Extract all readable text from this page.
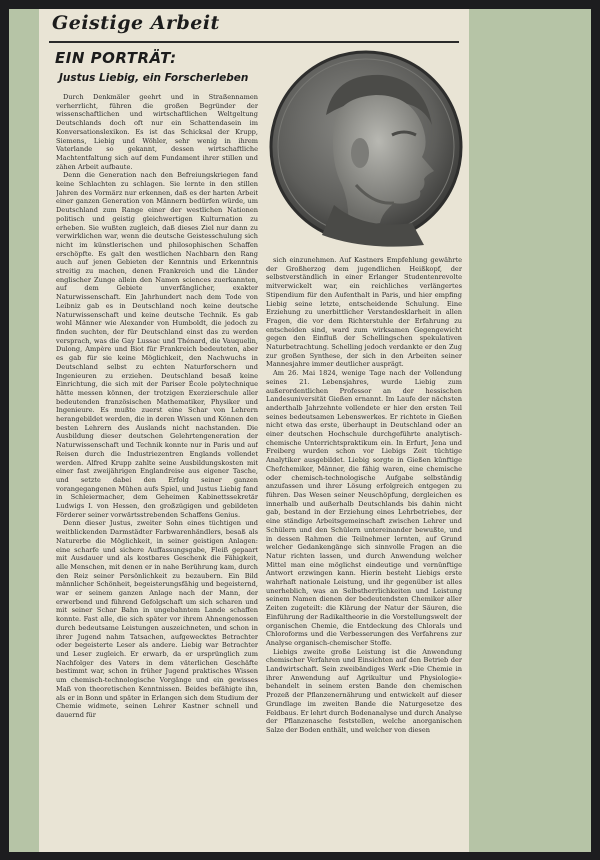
Geistige Arbeit
EIN PORTRÄT:
Justus Liebig, ein Forscherleben

Durch Denkmäler geehrt und in Straßennamen verherrlicht, führen die großen Begründer der wissenschaftlichen und wirtschaftlichen Weltgeltung Deutschlands doch oft nur ein Schattendasein im Konversationslexikon. Es ist das Schicksal der Krupp, Siemens, Liebig und Wöhler, sehr wenig in ihrem Vaterlande so gekannt, dessen wirtschaftliche Machtentfaltung sich auf dem Fundament ihrer stillen und zähen Arbeit aufbaute.

Denn die Generation nach den Befreiungskriegen fand keine Schlachten zu schlagen. Sie lernte in den stillen Jahren des Vormärz nur erkennen, daß es der harten Arbeit einer ganzen Generation von Männern bedürfen würde, um Deutschland zum Range einer der westlichen Nationen politisch und geistig gleichwertigen Kulturnation zu erheben. Sie wußten zugleich, daß dieses Ziel nur dann zu verwirklichen war, wenn die deutsche Geistesschulung sich nicht im künstlerischen und philosophischen Schaffen erschöpfte. Es galt den westlichen Nachbarn den Rang auch auf jenen Gebieten der Kenntnis und Erkenntnis streitig zu machen, denen Frankreich und die Länder englischer Zunge allein den Namen sciences zuerkannten, auf dem Gebiete unverfänglicher, exakter Naturwissenschaft. Ein Jahrhundert nach dem Tode von Leibniz gab es in Deutschland noch keine deutsche Naturwissenschaft und keine deutsche Technik. Es gab wohl Männer wie Alexander von Humboldt, die jedoch zu finden suchten, der für Deutschland einst das zu werden versprach, was die Gay Lussac und Thénard, die Vauquelin, Dulong, Ampère und Biot für Frankreich bedeuteten, aber es gab für sie keine Möglichkeit, den Nachwuchs in Deutschland selbst zu echten Naturforschern und Ingenieuren zu erziehen. Deutschland besaß keine Einrichtung, die sich mit der Pariser École polytechnique hätte messen können, der trotzigen Exerzierschule aller bedeutenden französischen Mathematiker, Physiker und Ingenieure. Es mußte zuerst eine Schar von Lehrern herangebildet werden, die in deren Wissen und Können den besten Lehrern des Auslands nicht nachstanden. Die Ausbildung dieser deutschen Gelehrtengeneration der Naturwissenschaft und Technik konnte nur in Paris und auf Reisen durch die Industriezentren Englands vollendet werden. Alfred Krupp zahlte seine Ausbildungskosten mit einer fast zweijährigen Englandreise aus eigener Tasche, und setzte dabei den Erfolg seiner ganzen vorangegangenen Mühen aufs Spiel, und Justus Liebig fand in Schleiermacher, dem Geheimen Kabinettssekretär Ludwigs I. von Hessen, den großzügigen und gebildeten Förderer seiner vorwärtsstrebenden Schaffens Genius.

Denn dieser Justus, zweiter Sohn eines tüchtigen und weitblickenden Darmstädter Farbwarenhändlers, besaß als Naturerbe die Möglichkeit, in seiner geistigen Anlagen: eine scharfe und sichere Auffassungsgabe, Fleiß gepaart mit Ausdauer und als kostbares Geschenk die Fähigkeit, alle Menschen, mit denen er in nahe Berührung kam, durch den Reiz seiner Persönlichkeit zu bezaubern. Ein Bild männlicher Schönheit, begeisterungsfähig und begeisternd, war er seinem ganzen Anlage nach der Mann, der erwerbend und führend Gefolgschaft um sich scharen und mit seiner Schar Bahn in ungebahntem Lande schaffen konnte. Fast alle, die sich später vor ihrem Ahnengenossen durch bedeutsame Leistungen auszeichneten, und schon in ihrer Jugend nahm Tatsachen, aufgewecktes Betrachter oder begeisterte Leser als andere. Liebig war Betrachter und Leser zugleich. Er erwarb, da er ursprünglich zum Nachfolger des Vaters in dem väterlichen Geschäfte bestimmt war, schon in früher Jugend praktisches Wissen um chemisch-technologische Vorgänge und ein gewisses Maß von theoretischen Kenntnissen. Beides befähigte ihn, als er in Bonn und später in Erlangen sich dem Studium der Chemie widmete, seinen Lehrer Kastner schnell und dauernd für

sich einzunehmen. Auf Kastners Empfehlung gewährte der Großherzog dem jugendlichen Heißkopf, der selbstverständlich in einer Erlanger Studentenrevolte mitverwickelt war, ein reichliches verlängertes Stipendium für den Aufenthalt in Paris, und hier empfing Liebig seine letzte, entscheidende Schulung. Eine Erziehung zu unerbittlicher Verstandesklarheit in allen Fragen, die vor dem Richterstuhle der Erfahrung zu entscheiden sind, ward zum wirksamen Gegengewicht gegen den Einfluß der Schellingschen spekulativen Naturbetrachtung. Schelling jedoch verdankte er den Zug zur großen Synthese, der sich in den Arbeiten seiner Mannesjahre immer deutlicher ausprägt.

Am 26. Mai 1824, wenige Tage nach der Vollendung seines 21. Lebensjahres, wurde Liebig zum außerordentlichen Professor an der hessischen Landesuniversität Gießen ernannt. Im Laufe der nächsten anderthalb Jahrzehnte vollendete er hier den ersten Teil seines bedeutsamen Lebenswerkes. Er richtete in Gießen nicht etwa das erste, überhaupt in Deutschland oder an einer deutschen Hochschule durchgeführte analytisch-chemische Unterrichtspraktikum ein. In Erfurt, Jena und Freiberg wurden schon vor Liebigs Zeit tüchtige Analytiker ausgebildet. Liebig sorgte in Gießen künftige Chefchemiker, Männer, die fähig waren, eine chemische oder chemisch-technologische Aufgabe selbständig anzufassen und ihrer Lösung erfolgreich entgegen zu führen. Das Wesen seiner Neuschöpfung, dergleichen es innerhalb und außerhalb Deutschlands bis dahin nicht gab, bestand in der Erziehung eines Lehrbetriebes, der eine ständige Arbeitsgemeinschaft zwischen Lehrer und Schülern und den Schülern untereinander bewußte, und in dessen Rahmen die Teilnehmer lernten, auf Grund welcher Gedankengänge sich sinnvolle Fragen an die Natur richten lassen, und durch Anwendung welcher Mittel man eine möglichst eindeutige und vernünftige Antwort erzwingen kann. Hierin besteht Liebigs erste wahrhaft nationale Leistung, und ihr gegenüber ist alles unerheblich, was an Selbstherrlichkeiten und Leistung seinem Namen dienen der bedeutendsten Chemiker aller Zeiten zugeteilt: die Klärung der Natur der Säuren, die Einführung der Radikaltheorie in die Vorstellungswelt der organischen Chemie, die Entdeckung des Chlorals und Chloroforms und die Verbesserungen des Verfahrens zur Analyse organisch-chemischer Stoffe.

Liebigs zweite große Leistung ist die Anwendung chemischer Verfahren und Einsichten auf den Betrieb der Landwirtschaft. Sein zweibändiges Werk »Die Chemie in ihrer Anwendung auf Agrikultur und Physiologie« behandelt in seinem ersten Bande den chemischen Prozeß der Pflanzenernährung und entwickelt auf dieser Grundlage im zweiten Bande die Naturgesetze des Feldbaus. Er lehrt durch Bodenanalyse und durch Analyse der Pflanzenasche feststellen, welche anorganischen Salze der Boden enthält, und welcher von diesen
